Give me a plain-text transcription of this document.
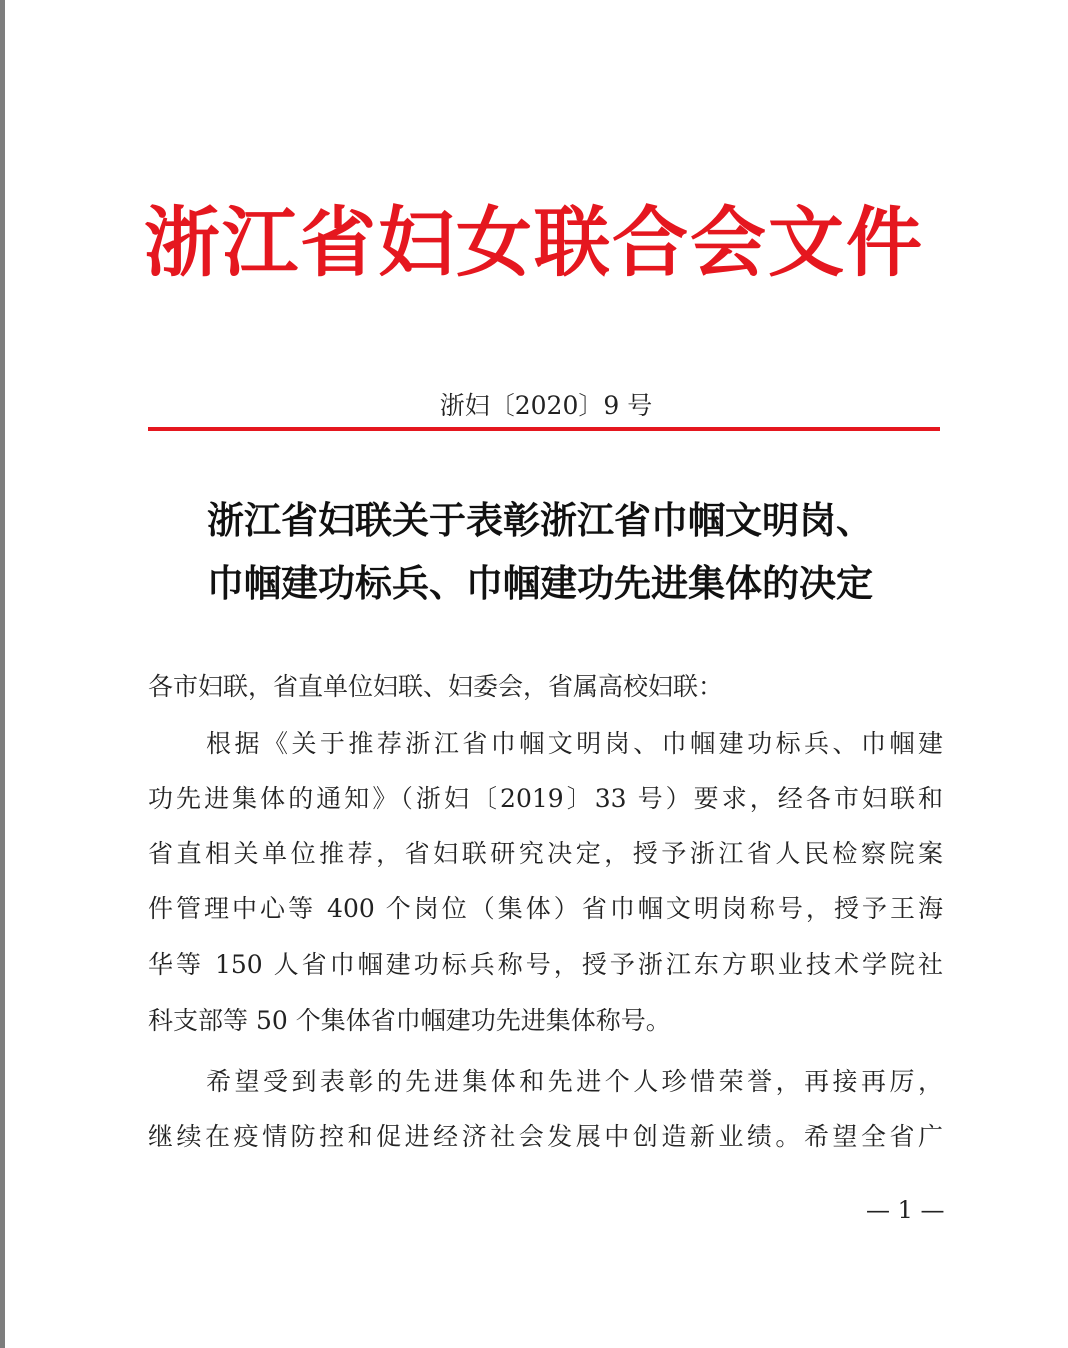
浙江省妇女联合会文件
浙妇〔2020〕9 号
浙江省妇联关于表彰浙江省巾帼文明岗、
巾帼建功标兵、巾帼建功先进集体的决定
各市妇联，省直单位妇联、妇委会，省属高校妇联：
根据《关于推荐浙江省巾帼文明岗、巾帼建功标兵、巾帼建
功先进集体的通知》（浙妇〔2019〕33 号）要求，经各市妇联和
省直相关单位推荐，省妇联研究决定，授予浙江省人民检察院案
件管理中心等 400 个岗位（集体）省巾帼文明岗称号，授予王海
华等 150 人省巾帼建功标兵称号，授予浙江东方职业技术学院社
科支部等 50 个集体省巾帼建功先进集体称号。
希望受到表彰的先进集体和先进个人珍惜荣誉，再接再厉，
继续在疫情防控和促进经济社会发展中创造新业绩。希望全省广
— 1 —
